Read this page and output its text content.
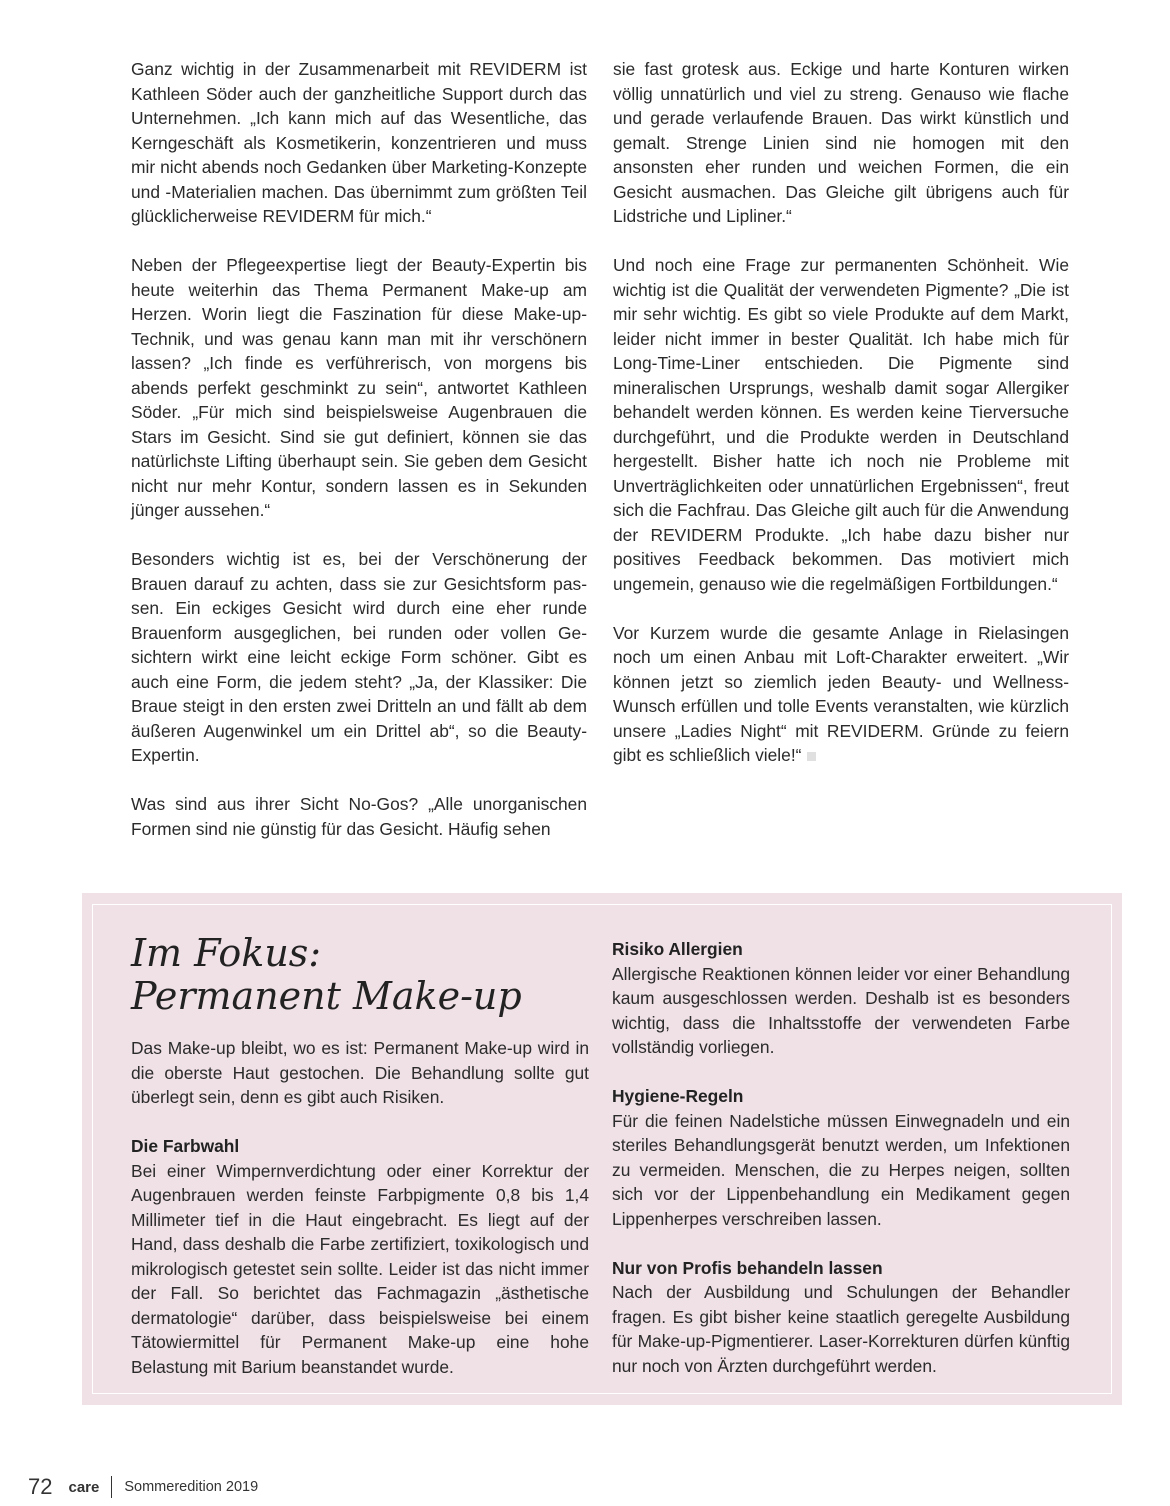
Ganz wichtig in der Zusammenarbeit mit REVIDERM ist Kathleen Söder auch der ganzheitliche Support durch das Unternehmen. „Ich kann mich auf das Wesentliche, das Kerngeschäft als Kosmetikerin, konzentrieren und muss mir nicht abends noch Gedanken über Marketing-Konzepte und -Materialien machen. Das übernimmt zum größten Teil glücklicherweise REVIDERM für mich.“

Neben der Pflegeexpertise liegt der Beauty-Expertin bis heute weiterhin das Thema Permanent Make-up am Herzen. Worin liegt die Faszination für diese Make-up-Technik, und was genau kann man mit ihr verschönern lassen? „Ich finde es verführerisch, von morgens bis abends perfekt geschminkt zu sein“, antwortet Kathleen Söder. „Für mich sind beispielsweise Augenbrauen die Stars im Gesicht. Sind sie gut definiert, können sie das natürlichste Lifting überhaupt sein. Sie geben dem Gesicht nicht nur mehr Kontur, sondern lassen es in Sekunden jünger aussehen.“

Besonders wichtig ist es, bei der Verschönerung der Brauen darauf zu achten, dass sie zur Gesichtsform passen. Ein eckiges Gesicht wird durch eine eher runde Brauenform ausgeglichen, bei runden oder vollen Gesichtern wirkt eine leicht eckige Form schöner. Gibt es auch eine Form, die jedem steht? „Ja, der Klassiker: Die Braue steigt in den ersten zwei Dritteln an und fällt ab dem äußeren Augenwinkel um ein Drittel ab“, so die Beauty-Expertin.

Was sind aus ihrer Sicht No-Gos? „Alle unorganischen Formen sind nie günstig für das Gesicht. Häufig sehen

sie fast grotesk aus. Eckige und harte Konturen wirken völlig unnatürlich und viel zu streng. Genauso wie flache und gerade verlaufende Brauen. Das wirkt künstlich und gemalt. Strenge Linien sind nie homogen mit den ansonsten eher runden und weichen Formen, die ein Gesicht ausmachen. Das Gleiche gilt übrigens auch für Lidstriche und Lipliner.“

Und noch eine Frage zur permanenten Schönheit. Wie wichtig ist die Qualität der verwendeten Pigmente? „Die ist mir sehr wichtig. Es gibt so viele Produkte auf dem Markt, leider nicht immer in bester Qualität. Ich habe mich für Long-Time-Liner entschieden. Die Pigmente sind mineralischen Ursprungs, weshalb damit sogar Allergiker behandelt werden können. Es werden keine Tierversuche durchgeführt, und die Produkte werden in Deutschland hergestellt. Bisher hatte ich noch nie Probleme mit Unverträglichkeiten oder unnatürlichen Ergebnissen“, freut sich die Fachfrau. Das Gleiche gilt auch für die Anwendung der REVIDERM Produkte. „Ich habe dazu bisher nur positives Feedback bekommen. Das motiviert mich ungemein, genauso wie die regelmäßigen Fortbildungen.“

Vor Kurzem wurde die gesamte Anlage in Rielasingen noch um einen Anbau mit Loft-Charakter erweitert. „Wir können jetzt so ziemlich jeden Beauty- und Wellness-Wunsch erfüllen und tolle Events veranstalten, wie kürzlich unsere „Ladies Night“ mit REVIDERM. Gründe zu feiern gibt es schließlich viele!“

Im Fokus:
Permanent Make-up

Das Make-up bleibt, wo es ist: Permanent Make-up wird in die oberste Haut gestochen. Die Behandlung sollte gut überlegt sein, denn es gibt auch Risiken.

Die Farbwahl

Bei einer Wimpernverdichtung oder einer Korrektur der Augenbrauen werden feinste Farbpigmente 0,8 bis 1,4 Millimeter tief in die Haut eingebracht. Es liegt auf der Hand, dass deshalb die Farbe zertifiziert, toxikologisch und mikrologisch getestet sein sollte. Leider ist das nicht immer der Fall. So berichtet das Fachmagazin „ästhetische dermatologie“ darüber, dass beispielsweise bei einem Tätowiermittel für Permanent Make-up eine hohe Belastung mit Barium beanstandet wurde.

Risiko Allergien

Allergische Reaktionen können leider vor einer Behandlung kaum ausgeschlossen werden. Deshalb ist es besonders wichtig, dass die Inhaltsstoffe der verwendeten Farbe vollständig vorliegen.

Hygiene-Regeln

Für die feinen Nadelstiche müssen Einwegnadeln und ein steriles Behandlungsgerät benutzt werden, um Infektionen zu vermeiden. Menschen, die zu Herpes neigen, sollten sich vor der Lippenbehandlung ein Medikament gegen Lippenherpes verschreiben lassen.

Nur von Profis behandeln lassen

Nach der Ausbildung und Schulungen der Behandler fragen. Es gibt bisher keine staatlich geregelte Ausbildung für Make-up-Pigmentierer. Laser-Korrekturen dürfen künftig nur noch von Ärzten durchgeführt werden.

72 care Sommeredition 2019
